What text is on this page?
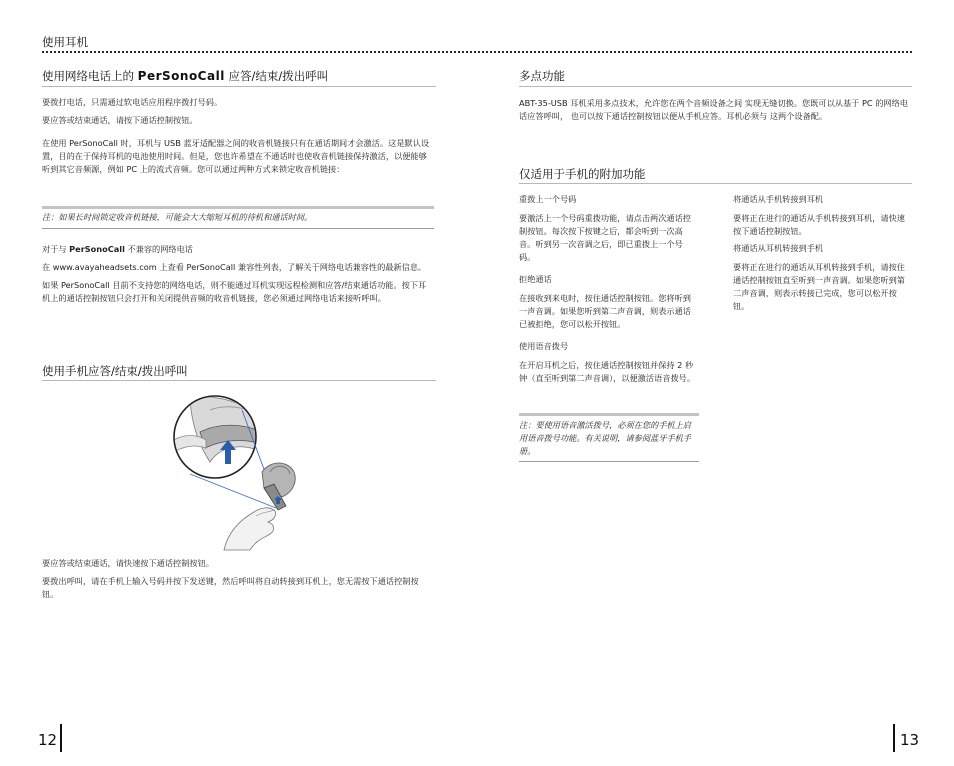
使用耳机
使用网络电话上的 PerSonoCall 应答/结束/拨出呼叫

要拨打电话，只需通过软电话应用程序拨打号码。

要应答或结束通话，请按下通话控制按钮。

在使用 PerSonoCall 时，耳机与 USB 蓝牙适配器之间的收音机链接只有在通话期间才会激活。这是默认设置，目的在于保持耳机的电池使用时间。但是，您也许希望在不通话时也使收音机链接保持激活，以便能够听到其它音频源，例如 PC 上的流式音频。您可以通过两种方式来锁定收音机链接：

注：如果长时间锁定收音机链接，可能会大大缩短耳机的待机和通话时间。

对于与 PerSonoCall 不兼容的网络电话

在 www.avayaheadsets.com 上查看 PerSonoCall 兼容性列表，了解关于网络电话兼容性的最新信息。

如果 PerSonoCall 目前不支持您的网络电话，则不能通过耳机实现远程检测和应答/结束通话功能。按下耳机上的通话控制按钮只会打开和关闭提供音频的收音机链接，您必须通过网络电话来接听呼叫。

使用手机应答/结束/拨出呼叫

要应答或结束通话，请快速按下通话控制按钮。

要拨出呼叫，请在手机上输入号码并按下发送键，然后呼叫将自动转接到耳机上，您无需按下通话控制按钮。

12
多点功能

ABT-35-USB 耳机采用多点技术，允许您在两个音频设备之间 实现无缝切换。您既可以从基于 PC 的网络电话应答呼叫， 也可以按下通话控制按钮以便从手机应答。耳机必须与 这两个设备配。

仅适用于手机的附加功能

重拨上一个号码

要激活上一个号码重拨功能，请点击两次通话控制按钮。每次按下按键之后，都会听到一次高音。听到另一次音调之后，即已重拨上一个号码。

拒绝通话

在接收到来电时，按住通话控制按钮。您将听到一声音调。如果您听到第二声音调，则表示通话已被拒绝，您可以松开按钮。

使用语音拨号

在开启耳机之后，按住通话控制按钮并保持 2 秒钟（直至听到第二声音调），以便激活语音拨号。

注：要使用语音激活拨号，必须在您的手机上启用语音拨号功能。有关说明，请参阅蓝牙手机手册。

将通话从手机转接到耳机

要将正在进行的通话从手机转接到耳机，请快速按下通话控制按钮。

将通话从耳机转接到手机

要将正在进行的通话从耳机转接到手机，请按住通话控制按钮直至听到一声音调。如果您听到第二声音调，则表示转接已完成，您可以松开按钮。

13
